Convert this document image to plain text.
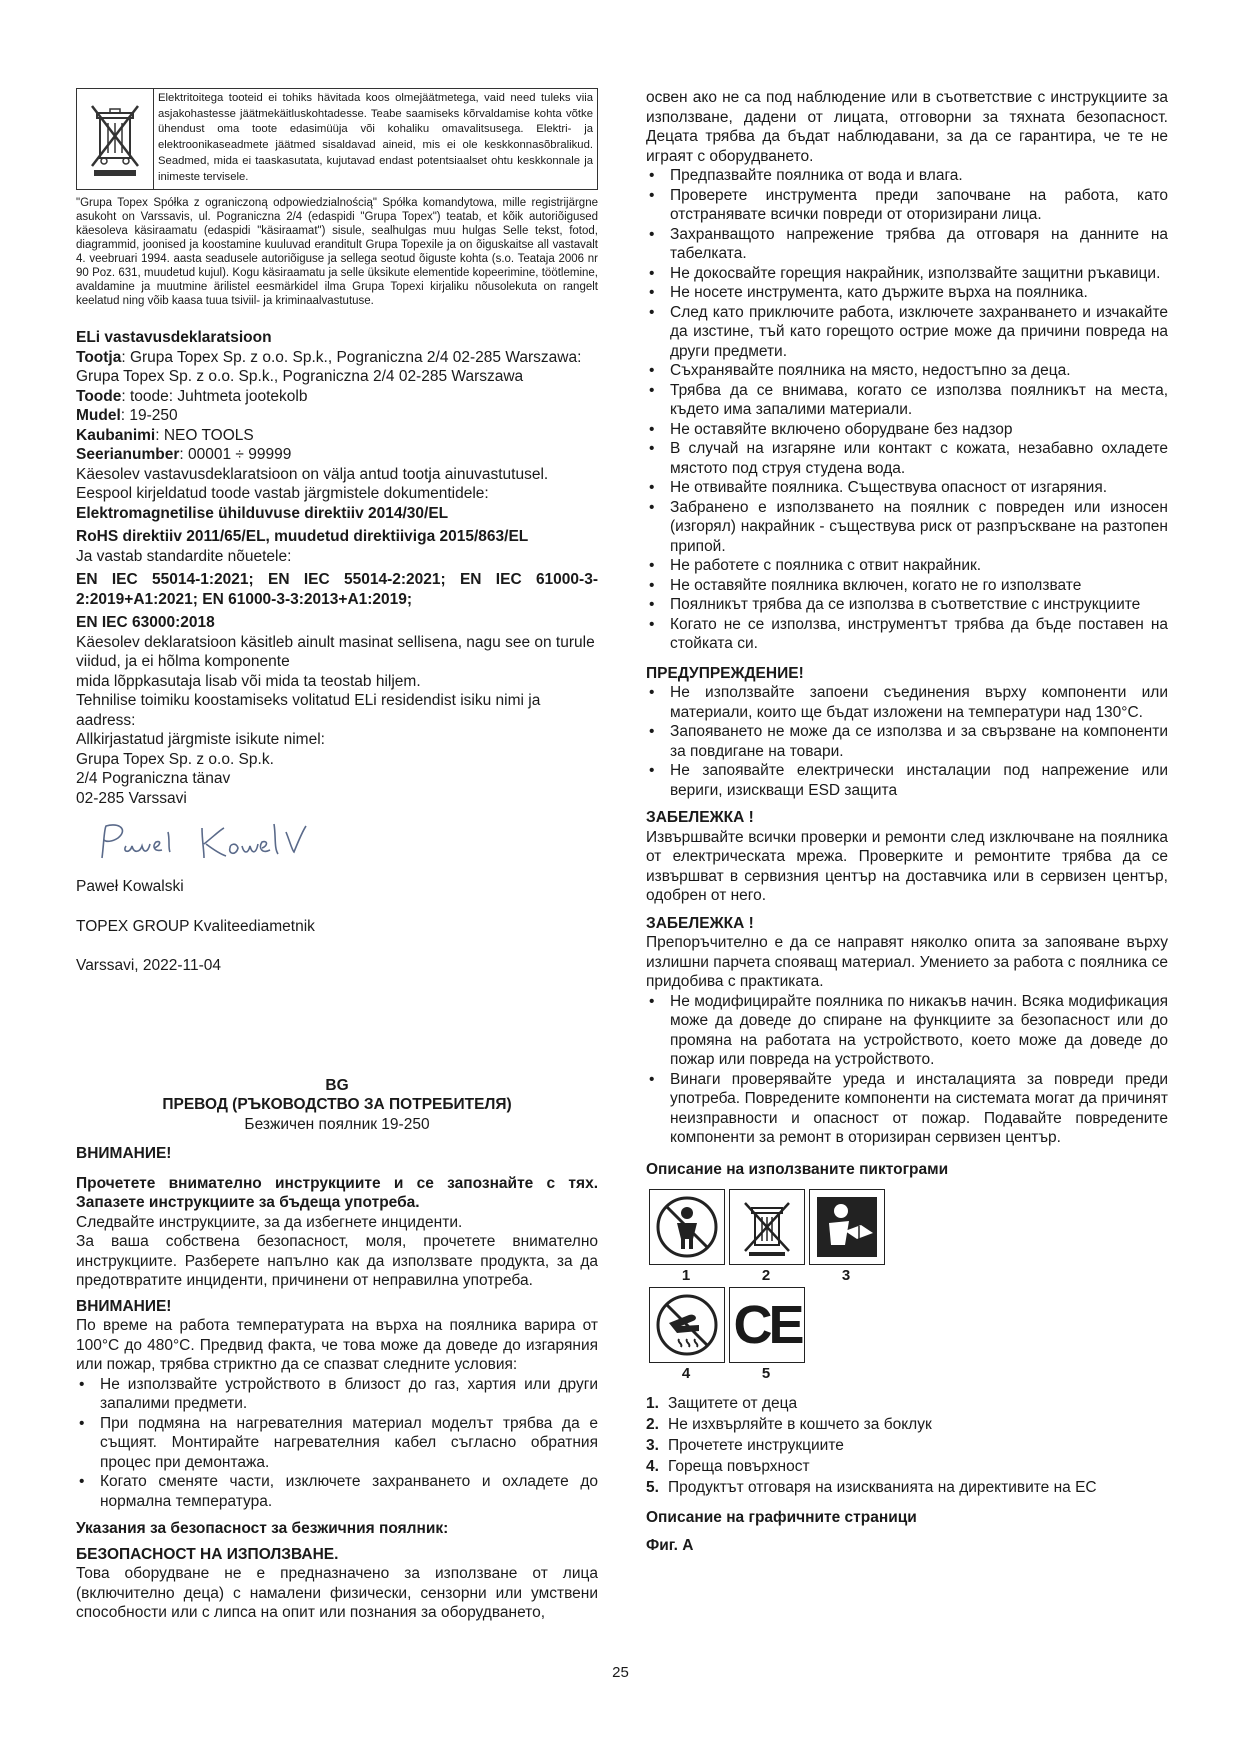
Elektritoitega tooteid ei tohiks hävitada koos olmejäätmetega, vaid need tuleks viia asjakohastesse jäätmekäitluskohtadesse. Teabe saamiseks kõrvaldamise kohta võtke ühendust oma toote edasimüüja või kohaliku omavalitsusega. Elektri- ja elektroonikaseadmete jäätmed sisaldavad aineid, mis ei ole keskkonnasõbralikud. Seadmed, mida ei taaskasutata, kujutavad endast potentsiaalset ohtu keskkonnale ja inimeste tervisele.

"Grupa Topex Spółka z ograniczoną odpowiedzialnością" Spółka komandytowa, mille registrijärgne asukoht on Varssavis, ul. Pograniczna 2/4 (edaspidi "Grupa Topex") teatab, et kõik autoriõigused käesoleva käsiraamatu (edaspidi "käsiraamat") sisule, sealhulgas muu hulgas Selle tekst, fotod, diagrammid, joonised ja koostamine kuuluvad eranditult Grupa Topexile ja on õiguskaitse all vastavalt 4. veebruari 1994. aasta seadusele autoriõiguse ja sellega seotud õiguste kohta (s.o. Teataja 2006 nr 90 Poz. 631, muudetud kujul). Kogu käsiraamatu ja selle üksikute elementide kopeerimine, töötlemine, avaldamine ja muutmine ärilistel eesmärkidel ilma Grupa Topexi kirjaliku nõusolekuta on rangelt keelatud ning võib kaasa tuua tsiviil- ja kriminaalvastutuse.

ELi vastavusdeklaratsioon

Tootja: Grupa Topex Sp. z o.o. Sp.k., Pograniczna 2/4 02-285 Warszawa: Grupa Topex Sp. z o.o. Sp.k., Pograniczna 2/4 02-285 Warszawa

Toode: toode: Juhtmeta jootekolb

Mudel: 19-250

Kaubanimi: NEO TOOLS

Seerianumber: 00001 ÷ 99999

Käesolev vastavusdeklaratsioon on välja antud tootja ainuvastutusel.

Eespool kirjeldatud toode vastab järgmistele dokumentidele:

Elektromagnetilise ühilduvuse direktiiv 2014/30/EL

RoHS direktiiv 2011/65/EL, muudetud direktiiviga 2015/863/EL

Ja vastab standardite nõuetele:

EN IEC 55014-1:2021; EN IEC 55014-2:2021; EN IEC 61000-3-2:2019+A1:2021; EN 61000-3-3:2013+A1:2019;

EN IEC 63000:2018

Käesolev deklaratsioon käsitleb ainult masinat sellisena, nagu see on turule viidud, ja ei hõlma komponente

mida lõppkasutaja lisab või mida ta teostab hiljem.

Tehnilise toimiku koostamiseks volitatud ELi residendist isiku nimi ja aadress:

Allkirjastatud järgmiste isikute nimel:

Grupa Topex Sp. z o.o. Sp.k.

2/4 Pograniczna tänav

02-285 Varssavi

Paweł Kowalski

TOPEX GROUP Kvaliteediametnik

Varssavi, 2022-11-04

BG

ПРЕВОД (РЪКОВОДСТВО ЗА ПОТРЕБИТЕЛЯ)

Безжичен поялник 19-250

ВНИМАНИЕ!

Прочетете внимателно инструкциите и се запознайте с тях. Запазете инструкциите за бъдеща употреба.

Следвайте инструкциите, за да избегнете инциденти.

За ваша собствена безопасност, моля, прочетете внимателно инструкциите. Разберете напълно как да използвате продукта, за да предотвратите инциденти, причинени от неправилна употреба.

ВНИМАНИЕ!

По време на работа температурата на върха на поялника варира от 100°C до 480°C. Предвид факта, че това може да доведе до изгаряния или пожар, трябва стриктно да се спазват следните условия:

• Не използвайте устройството в близост до газ, хартия или други запалими предмети.
• При подмяна на нагревателния материал моделът трябва да е същият. Монтирайте нагревателния кабел съгласно обратния процес при демонтажа.
• Когато сменяте части, изключете захранването и охладете до нормална температура.

Указания за безопасност за безжичния поялник:

БЕЗОПАСНОСТ НА ИЗПОЛЗВАНЕ.

Това оборудване не е предназначено за използване от лица (включително деца) с намалени физически, сензорни или умствени способности или с липса на опит или познания за оборудването,

освен ако не са под наблюдение или в съответствие с инструкциите за използване, дадени от лицата, отговорни за тяхната безопасност. Децата трябва да бъдат наблюдавани, за да се гарантира, че те не играят с оборудването.

• Предпазвайте поялника от вода и влага.
• Проверете инструмента преди започване на работа, като отстранявате всички повреди от оторизирани лица.
• Захранващото напрежение трябва да отговаря на данните на табелката.
• Не докосвайте горещия накрайник, използвайте защитни ръкавици.
• Не носете инструмента, като държите върха на поялника.
• След като приключите работа, изключете захранването и изчакайте да изстине, тъй като горещото острие може да причини повреда на други предмети.
• Съхранявайте поялника на място, недостъпно за деца.
• Трябва да се внимава, когато се използва поялникът на места, където има запалими материали.
• Не оставяйте включено оборудване без надзор
• В случай на изгаряне или контакт с кожата, незабавно охладете мястото под струя студена вода.
• Не отвивайте поялника. Съществува опасност от изгаряния.
• Забранено е използването на поялник с повреден или износен (изгорял) накрайник - съществува риск от разпръскване на разтопен припой.
• Не работете с поялника с отвит накрайник.
• Не оставяйте поялника включен, когато не го използвате
• Поялникът трябва да се използва в съответствие с инструкциите
• Когато не се използва, инструментът трябва да бъде поставен на стойката си.

ПРЕДУПРЕЖДЕНИЕ!

• Не използвайте запоени съединения върху компоненти или материали, които ще бъдат изложени на температури над 130°C.
• Запояването не може да се използва и за свързване на компоненти за повдигане на товари.
• Не запоявайте електрически инсталации под напрежение или вериги, изискващи ESD защита

ЗАБЕЛЕЖКА !

Извършвайте всички проверки и ремонти след изключване на поялника от електрическата мрежа. Проверките и ремонтите трябва да се извършват в сервизния център на доставчика или в сервизен център, одобрен от него.

ЗАБЕЛЕЖКА !

Препоръчително е да се направят няколко опита за запояване върху излишни парчета спояващ материал. Умението за работа с поялника се придобива с практиката.

• Не модифицирайте поялника по никакъв начин. Всяка модификация може да доведе до спиране на функциите за безопасност или до промяна на работата на устройството, което може да доведе до пожар или повреда на устройството.
• Винаги проверявайте уреда и инсталацията за повреди преди употреба. Повредените компоненти на системата могат да причинят неизправности и опасност от пожар. Подавайте повредените компоненти за ремонт в оторизиран сервизен център.

Описание на използваните пиктограми

1	2	3
CE
4	5
1. Защитете от деца
2. Не изхвърляйте в кошчето за боклук
3. Прочетете инструкциите
4. Гореща повърхност
5. Продуктът отговаря на изискванията на директивите на ЕС

Описание на графичните страници

Фиг. A

25
